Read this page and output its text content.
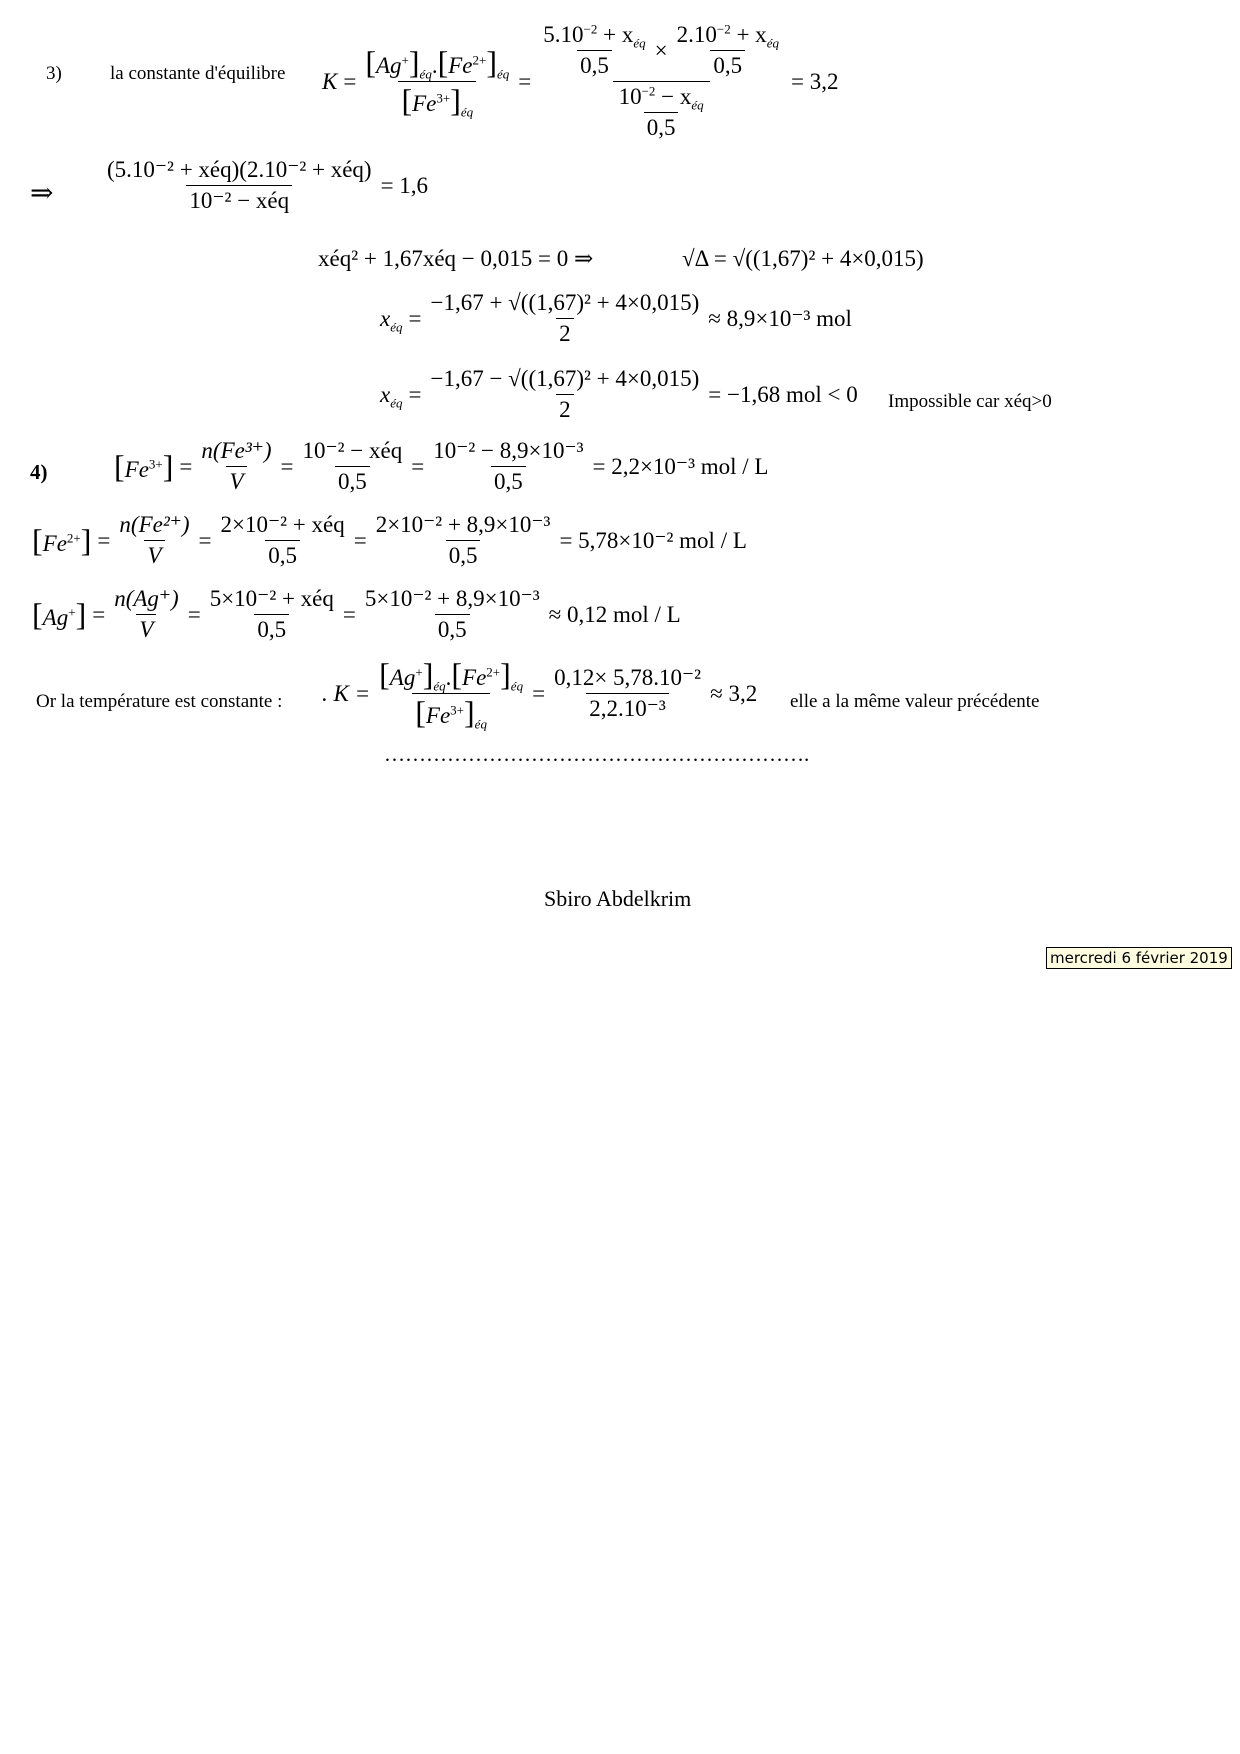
3)	la constante d'équilibre $K = \frac{[Ag^+]_{éq}.[Fe^{2+}]_{éq}}{[Fe^{3+}]_{éq}}$ =
$\frac{5.10^{-2} + x_{éq}}{0,5} \times \frac{2.10^{-2} + x_{éq}}{0,5}$
$\frac{10^{-2} - x_{éq}}{0,5}$
= 3,2
⇒ $\frac{\text{(5.10⁻² + xéq)(2.10⁻² + xéq)}}{\text{10⁻² − xéq}} = 1,6$
xéq² + 1,67xéq − 0,015 = 0 ⇒	√Δ = √((1,67)² + 4×0,015)
$x_{éq} = \frac{\text{−1,67 + √((1,67)² + 4×0,015)}}{2} \approx 8,9\times 10^{-3}$ mol
$x_{éq} = \frac{\text{−1,67 − √((1,67)² + 4×0,015)}}{2} = -1,68$ mol < 0 Impossible car xéq>0
4) $[Fe^{3+}] = \frac{\text{n(Fe³⁺)}}{V} = \frac{\text{10⁻² − xéq}}{0,5} = \frac{\text{10⁻² − 8,9×10⁻³}}{0,5} = 2,2\times 10^{-3}$ mol / L
$[Fe^{2+}] = \frac{\text{n(Fe²⁺)}}{V} = \frac{\text{2×10⁻² + xéq}}{0,5} = \frac{\text{2×10⁻² + 8,9×10⁻³}}{0,5} = 5,78\times 10^{-2}$ mol / L
$[Ag^+] = \frac{n(Ag^+)}{V} = \frac{\text{5×10⁻² + xéq}}{0,5} = \frac{\text{5×10⁻² + 8,9×10⁻³}}{0,5} \approx 0,12$ mol / L
Or la température est constante : . $K = \frac{[Ag^+]_{éq}.[Fe^{2+}]_{éq}}{[Fe^{3+}]_{éq}} = \frac{\text{0,12× 5,78.10⁻²}}{\text{2,2.10⁻³}} \approx 3,2$ elle a la même valeur précédente
…………………………………………………….
Sbiro Abdelkrim
mercredi 6 février 2019
